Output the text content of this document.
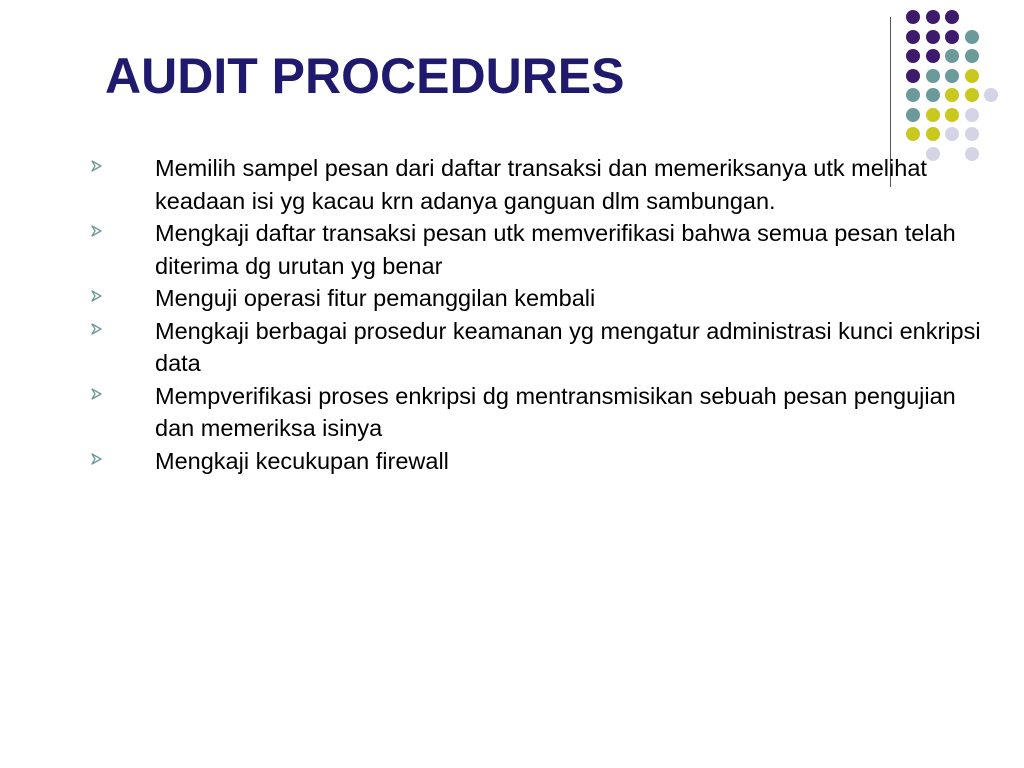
AUDIT PROCEDURES
Memilih sampel pesan dari daftar transaksi dan memeriksanya utk melihat keadaan isi yg kacau krn adanya ganguan dlm sambungan.
Mengkaji daftar transaksi pesan utk memverifikasi bahwa semua pesan telah diterima dg urutan yg benar
Menguji operasi fitur pemanggilan kembali
Mengkaji berbagai prosedur keamanan yg mengatur administrasi kunci enkripsi data
Mempverifikasi proses enkripsi dg mentransmisikan sebuah pesan pengujian dan memeriksa isinya
Mengkaji kecukupan firewall
